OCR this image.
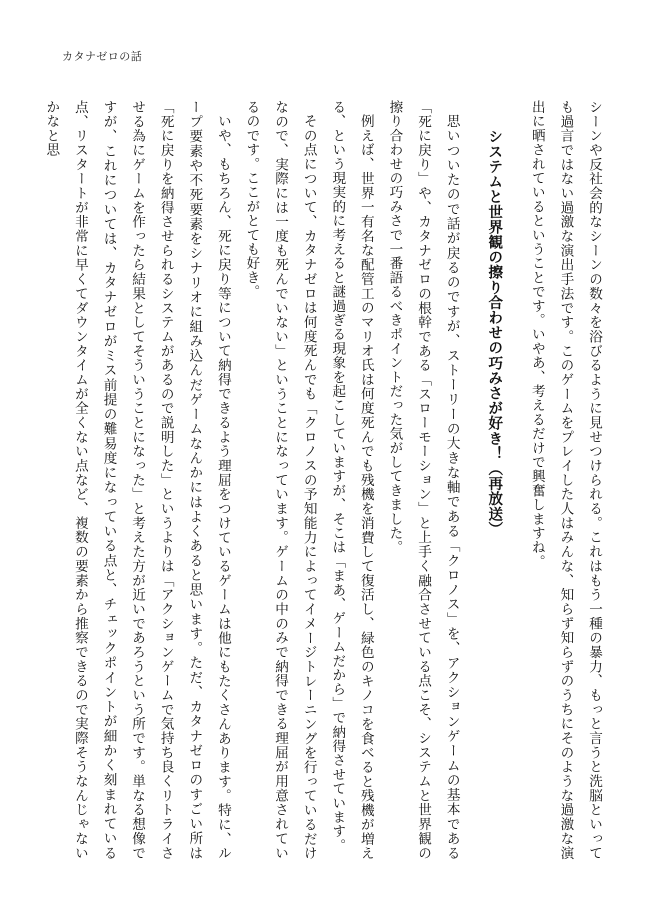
カタナゼロの話

シーンや反社会的なシーンの数々を浴びるように見せつけられる。これはもう一種の暴力、もっと言うと洗脳といっても過言ではない過激な演出手法です。このゲームをプレイした人はみんな、知らず知らずのうちにそのような過激な演出に晒されているということです。いやあ、考えるだけで興奮しますね。

システムと世界観の擦り合わせの巧みさが好き！（再放送）

思いついたので話が戻るのですが、ストーリーの大きな軸である「クロノス」を、アクションゲームの基本である「死に戻り」や、カタナゼロの根幹である「スローモーション」と上手く融合させている点こそ、システムと世界観の擦り合わせの巧みさで一番語るべきポイントだった気がしてきました。

例えば、世界一有名な配管工のマリオ氏は何度死んでも残機を消費して復活し、緑色のキノコを食べると残機が増える、という現実的に考えると謎過ぎる現象を起こしていますが、そこは「まあ、ゲームだから」で納得させています。

その点について、カタナゼロは何度死んでも「クロノスの予知能力によってイメージトレーニングを行っているだけなので、実際には一度も死んでいない」ということになっています。ゲームの中のみで納得できる理屈が用意されているのです。ここがとても好き。

いや、もちろん、死に戻り等について納得できるよう理屈をつけているゲームは他にもたくさんあります。特に、ループ要素や不死要素をシナリオに組み込んだゲームなんかにはよくあると思います。ただ、カタナゼロのすごい所は「死に戻りを納得させられるシステムがあるので説明した」というよりは「アクションゲームで気持ち良くリトライさせる為にゲームを作ったら結果としてそういうことになった」と考えた方が近いであろうという所です。単なる想像ですが、これについては、カタナゼロがミス前提の難易度になっている点と、チェックポイントが細かく刻まれている点、リスタートが非常に早くてダウンタイムが全くない点など、複数の要素から推察できるので実際そうなんじゃないかなと思
